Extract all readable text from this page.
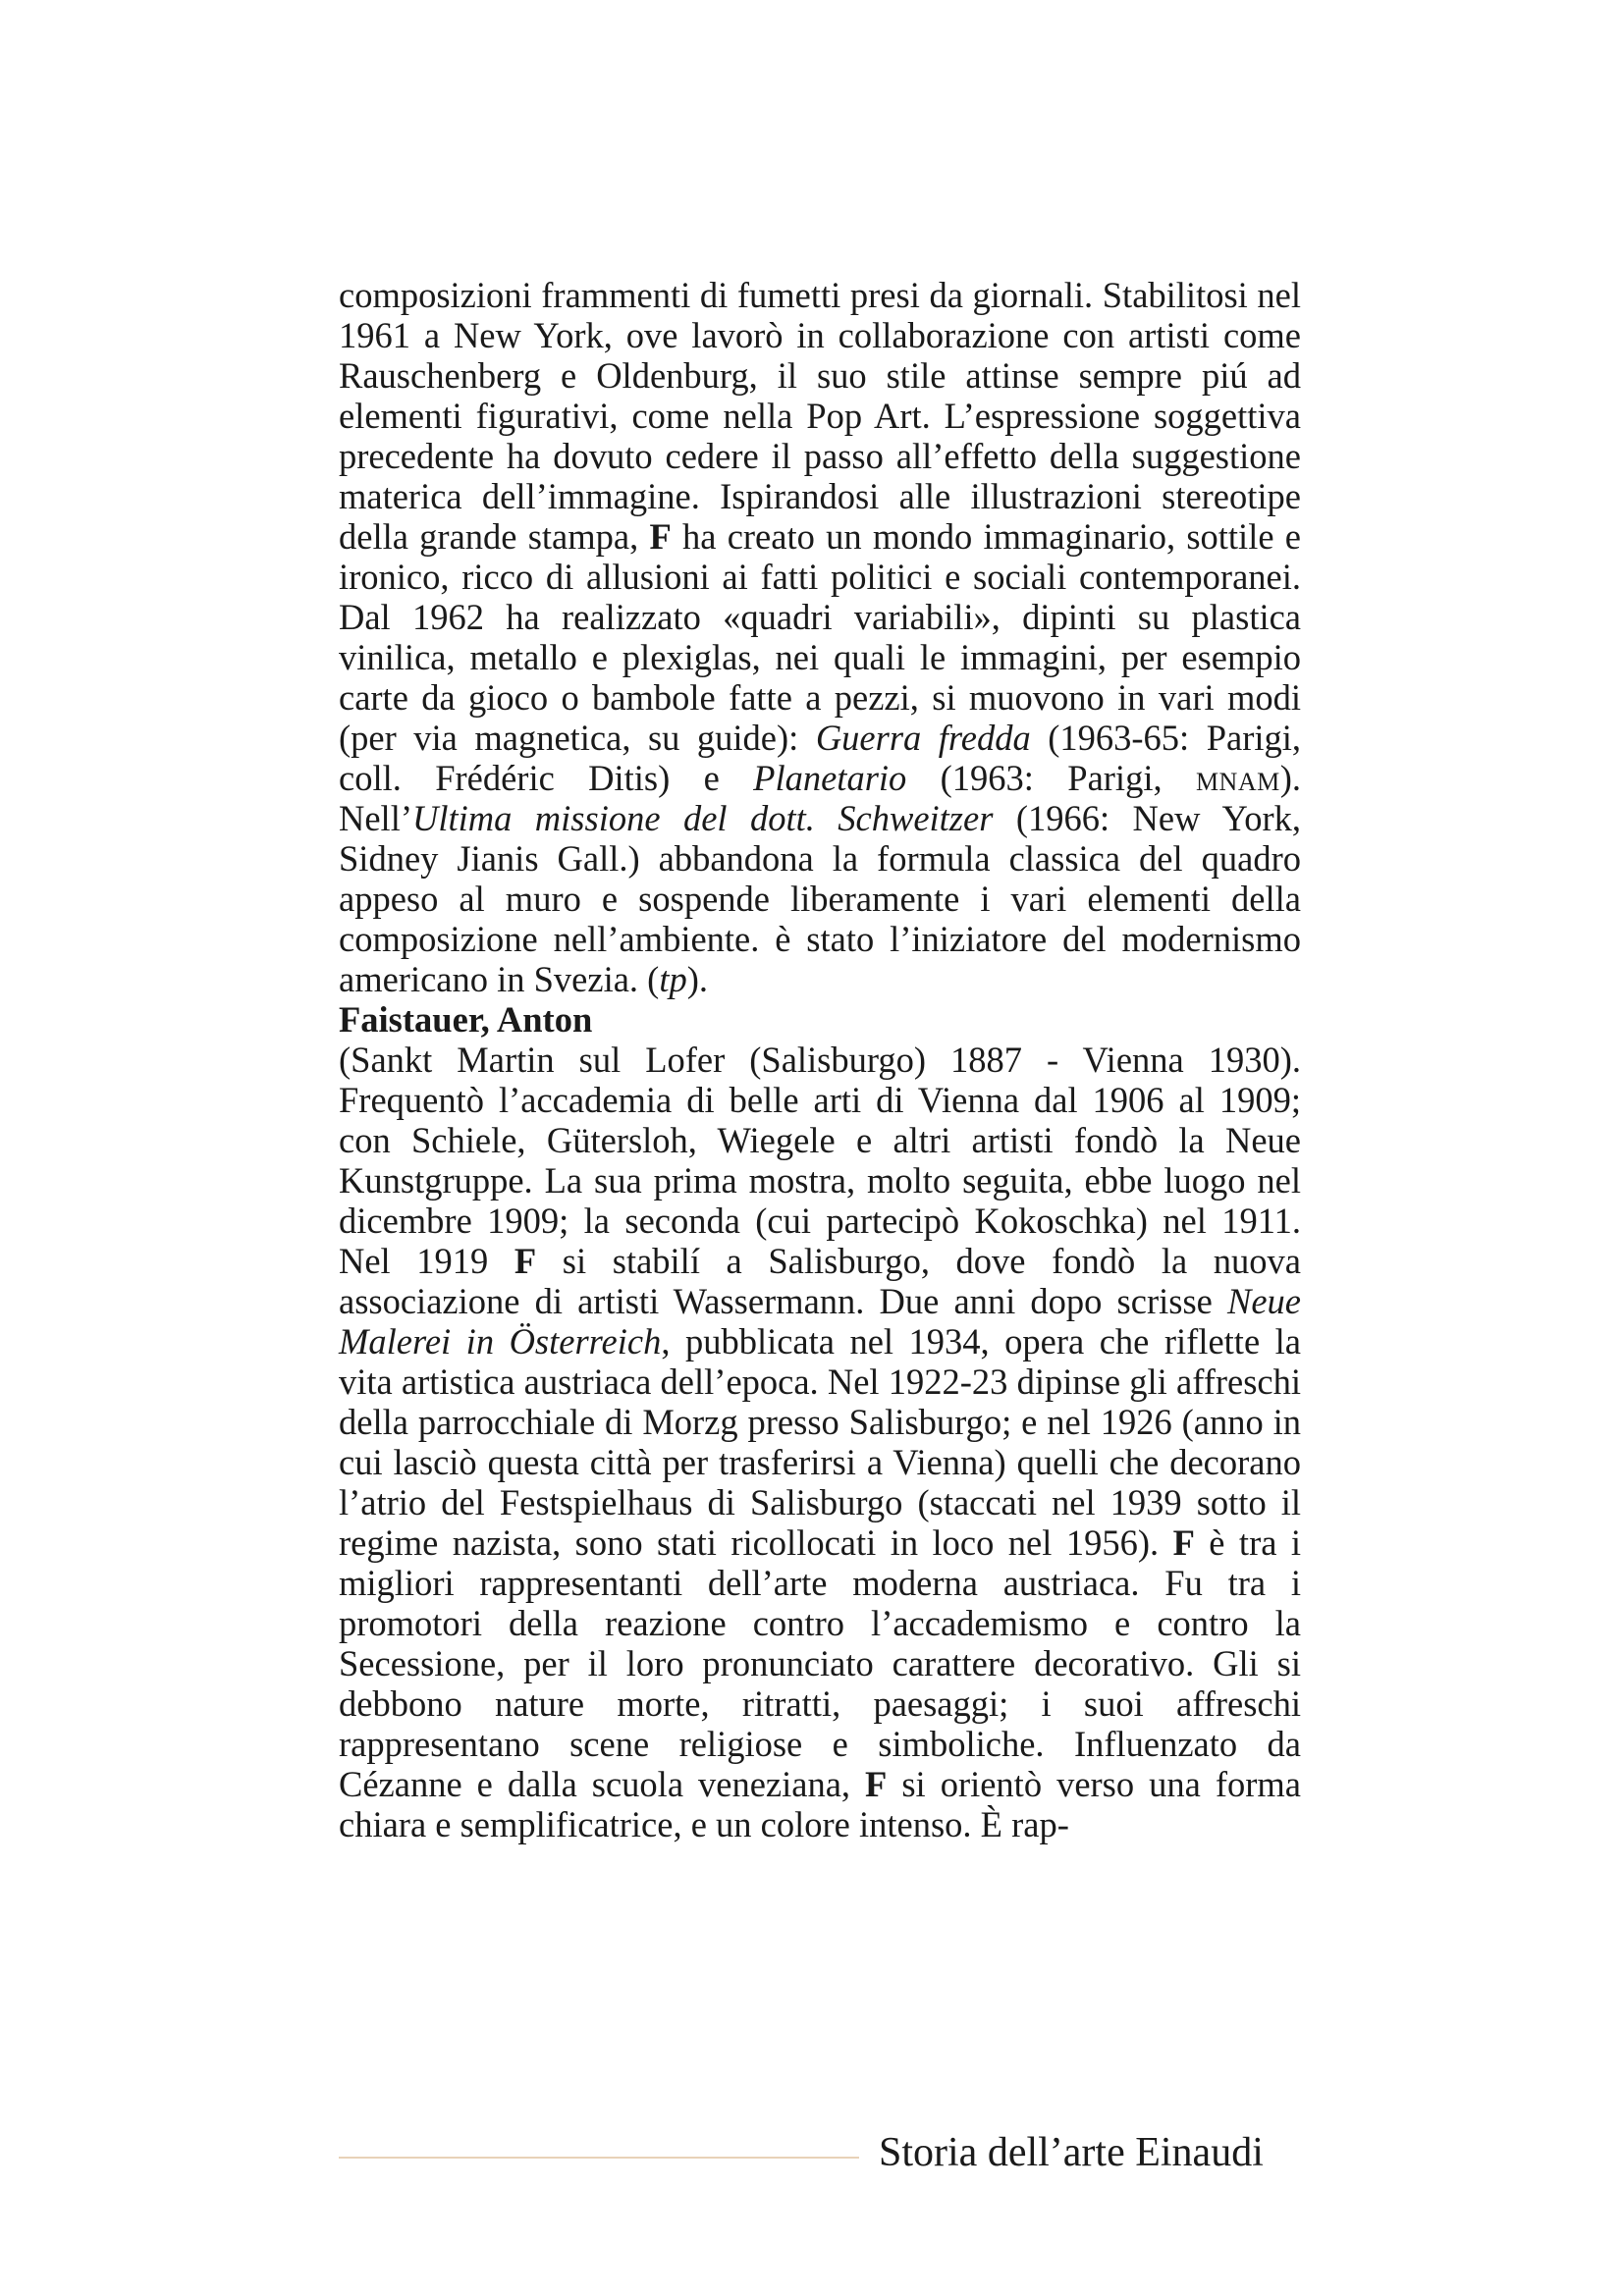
composizioni frammenti di fumetti presi da giornali. Stabilitosi nel 1961 a New York, ove lavorò in collaborazione con artisti come Rauschenberg e Oldenburg, il suo stile attinse sempre piú ad elementi figurativi, come nella Pop Art. L’espressione soggettiva precedente ha dovuto cedere il passo all’effetto della suggestione materica dell’immagine. Ispirandosi alle illustrazioni stereotipe della grande stampa, F ha creato un mondo immaginario, sottile e ironico, ricco di allusioni ai fatti politici e sociali contemporanei. Dal 1962 ha realizzato «quadri variabili», dipinti su plastica vinilica, metallo e plexiglas, nei quali le immagini, per esempio carte da gioco o bambole fatte a pezzi, si muovono in vari modi (per via magnetica, su guide): Guerra fredda (1963-65: Parigi, coll. Frédéric Ditis) e Planetario (1963: Parigi, mnam). Nell’Ultima missione del dott. Schweitzer (1966: New York, Sidney Jianis Gall.) abbandona la formula classica del quadro appeso al muro e sospende liberamente i vari elementi della composizione nell’ambiente. è stato l’iniziatore del modernismo americano in Svezia. (tp).

Faistauer, Anton

(Sankt Martin sul Lofer (Salisburgo) 1887 - Vienna 1930). Frequentò l’accademia di belle arti di Vienna dal 1906 al 1909; con Schiele, Gütersloh, Wiegele e altri artisti fondò la Neue Kunstgruppe. La sua prima mostra, molto seguita, ebbe luogo nel dicembre 1909; la seconda (cui partecipò Kokoschka) nel 1911. Nel 1919 F si stabilí a Salisburgo, dove fondò la nuova associazione di artisti Wassermann. Due anni dopo scrisse Neue Malerei in Österreich, pubblicata nel 1934, opera che riflette la vita artistica austriaca dell’epoca. Nel 1922-23 dipinse gli affreschi della parrocchiale di Morzg presso Salisburgo; e nel 1926 (anno in cui lasciò questa città per trasferirsi a Vienna) quelli che decorano l’atrio del Festspielhaus di Salisburgo (staccati nel 1939 sotto il regime nazista, sono stati ricollocati in loco nel 1956). F è tra i migliori rappresentanti dell’arte moderna austriaca. Fu tra i promotori della reazione contro l’accademismo e contro la Secessione, per il loro pronunciato carattere decorativo. Gli si debbono nature morte, ritratti, paesaggi; i suoi affreschi rappresentano scene religiose e simboliche. Influenzato da Cézanne e dalla scuola veneziana, F si orientò verso una forma chiara e semplificatrice, e un colore intenso. È rap-

Storia dell’arte Einaudi
